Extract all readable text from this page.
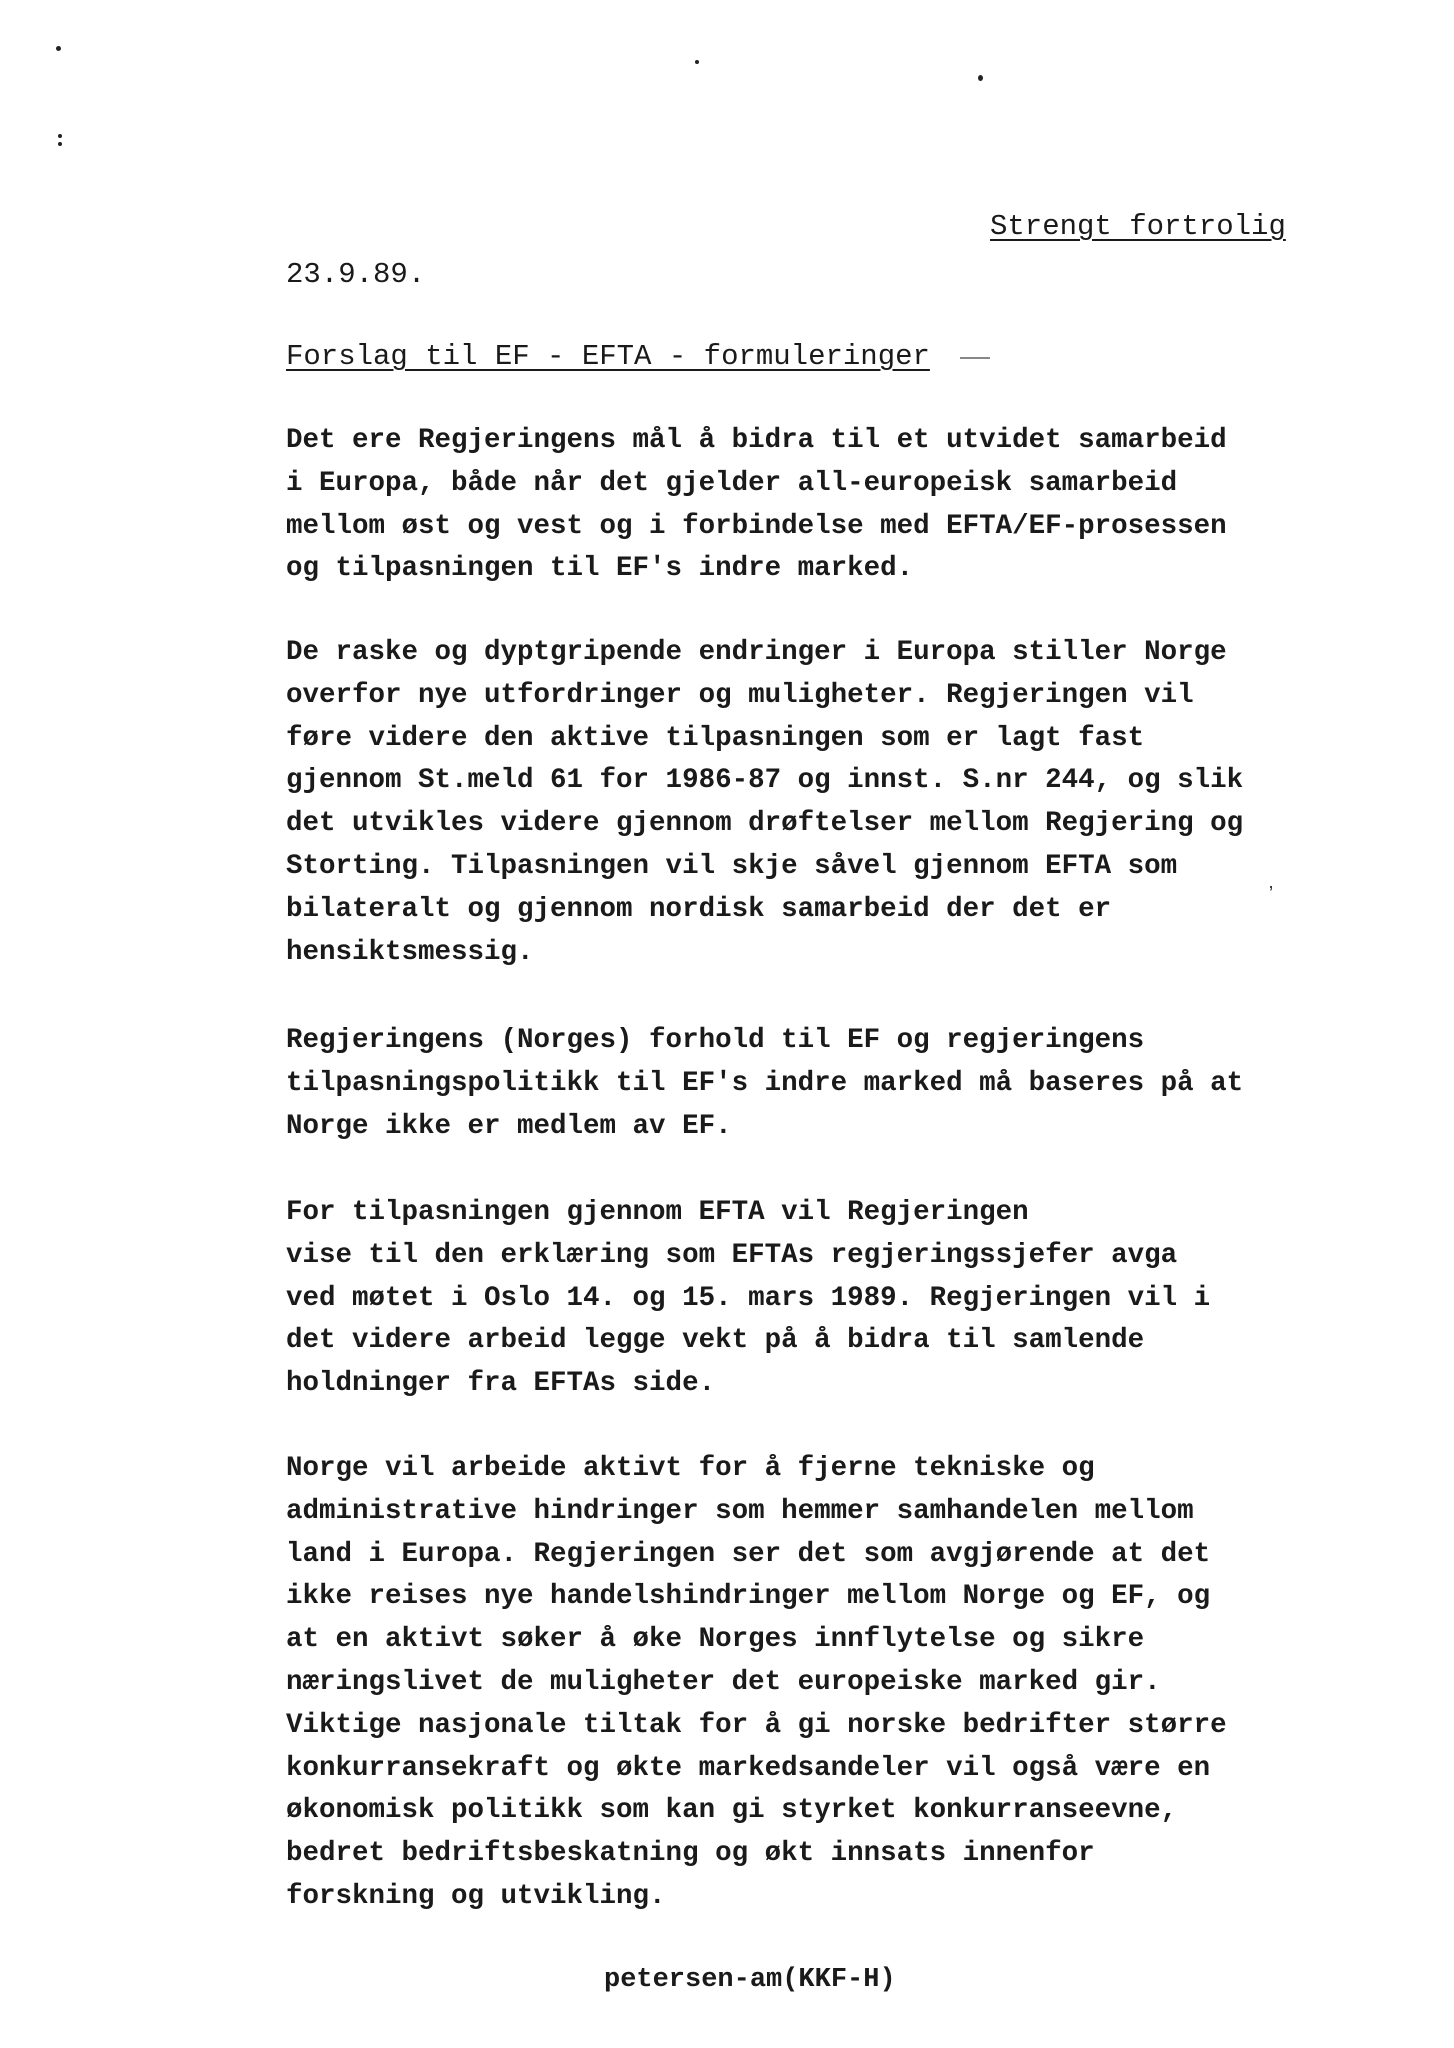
Strengt fortrolig
23.9.89.
Forslag til EF - EFTA - formuleringer
Det ere Regjeringens mål å bidra til et utvidet samarbeid
i Europa, både når det gjelder all-europeisk samarbeid
mellom øst og vest og i forbindelse med EFTA/EF-prosessen
og tilpasningen til EF's indre marked.
De raske og dyptgripende endringer i Europa stiller Norge
overfor nye utfordringer og muligheter. Regjeringen vil
føre videre den aktive tilpasningen som er lagt fast
gjennom St.meld 61 for 1986-87 og innst. S.nr 244, og slik
det utvikles videre gjennom drøftelser mellom Regjering og
Storting. Tilpasningen vil skje såvel gjennom EFTA som
bilateralt og gjennom nordisk samarbeid der det er
hensiktsmessig.
ʼ
Regjeringens (Norges) forhold til EF og regjeringens
tilpasningspolitikk til EF's indre marked må baseres på at
Norge ikke er medlem av EF.
For tilpasningen gjennom EFTA vil Regjeringen
vise til den erklæring som EFTAs regjeringssjefer avga
ved møtet i Oslo 14. og 15. mars 1989. Regjeringen vil i
det videre arbeid legge vekt på å bidra til samlende
holdninger fra EFTAs side.
Norge vil arbeide aktivt for å fjerne tekniske og
administrative hindringer som hemmer samhandelen mellom
land i Europa. Regjeringen ser det som avgjørende at det
ikke reises nye handelshindringer mellom Norge og EF, og
at en aktivt søker å øke Norges innflytelse og sikre
næringslivet de muligheter det europeiske marked gir.
Viktige nasjonale tiltak for å gi norske bedrifter større
konkurransekraft og økte markedsandeler vil også være en
økonomisk politikk som kan gi styrket konkurranseevne,
bedret bedriftsbeskatning og økt innsats innenfor
forskning og utvikling.
petersen-am(KKF-H)
